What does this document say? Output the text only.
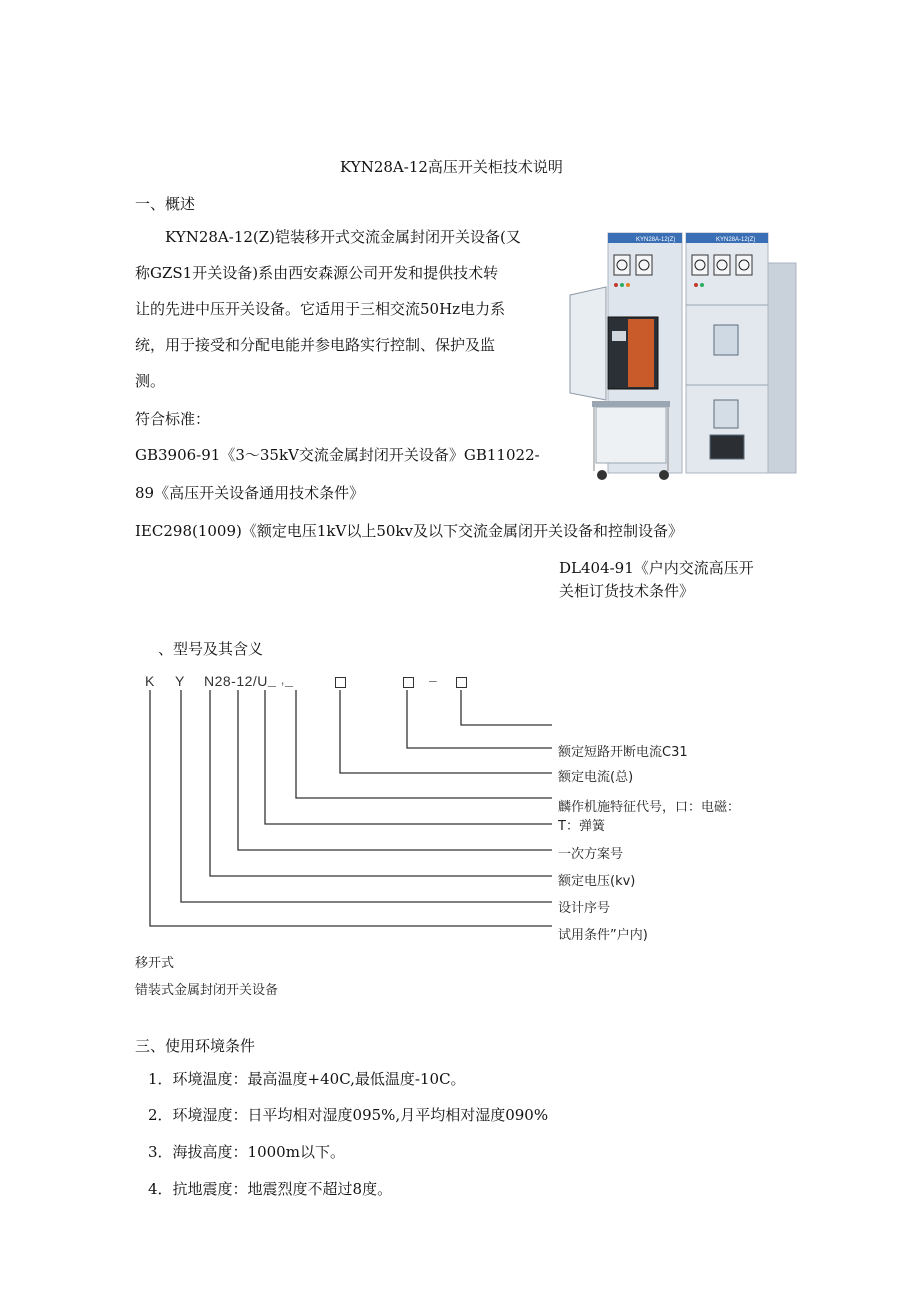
KYN28A-12高压开关柜技术说明
一、概述
KYN28A-12(Z)铠装移开式交流金属封闭开关设备(又
称GZS1开关设备)系由西安森源公司开发和提供技术转
让的先进中压开关设备。它适用于三相交流50Hz电力系
统，用于接受和分配电能并参电路实行控制、保护及监
测。
符合标准：
GB3906-91《3～35kV交流金属封闭开关设备》GB11022-
89《高压开关设备通用技术条件》
IEC298(1009)《额定电压1kV以上50kv及以下交流金属闭开关设备和控制设备》
DL404-91《户内交流高压开
关柜订货技术条件》
KYN28A-12(Z)	KYN28A-12(Z)
、型号及其含义
K Y N28-12/U _ ,_	–
额定短路开断电流C31
额定电流(总)
麟作机施特征代号，口：电磁：
T：弹簧
一次方案号
额定电压(kv)
设计序号
试用条件”户内)
移开式
错装式金属封闭开关设备
三、使用环境条件
1．环境温度：最高温度+40C,最低温度-10C。
2．环境湿度：日平均相对湿度095%,月平均相对湿度090%
3．海拔高度：1000m以下。
4．抗地震度：地震烈度不超过8度。
